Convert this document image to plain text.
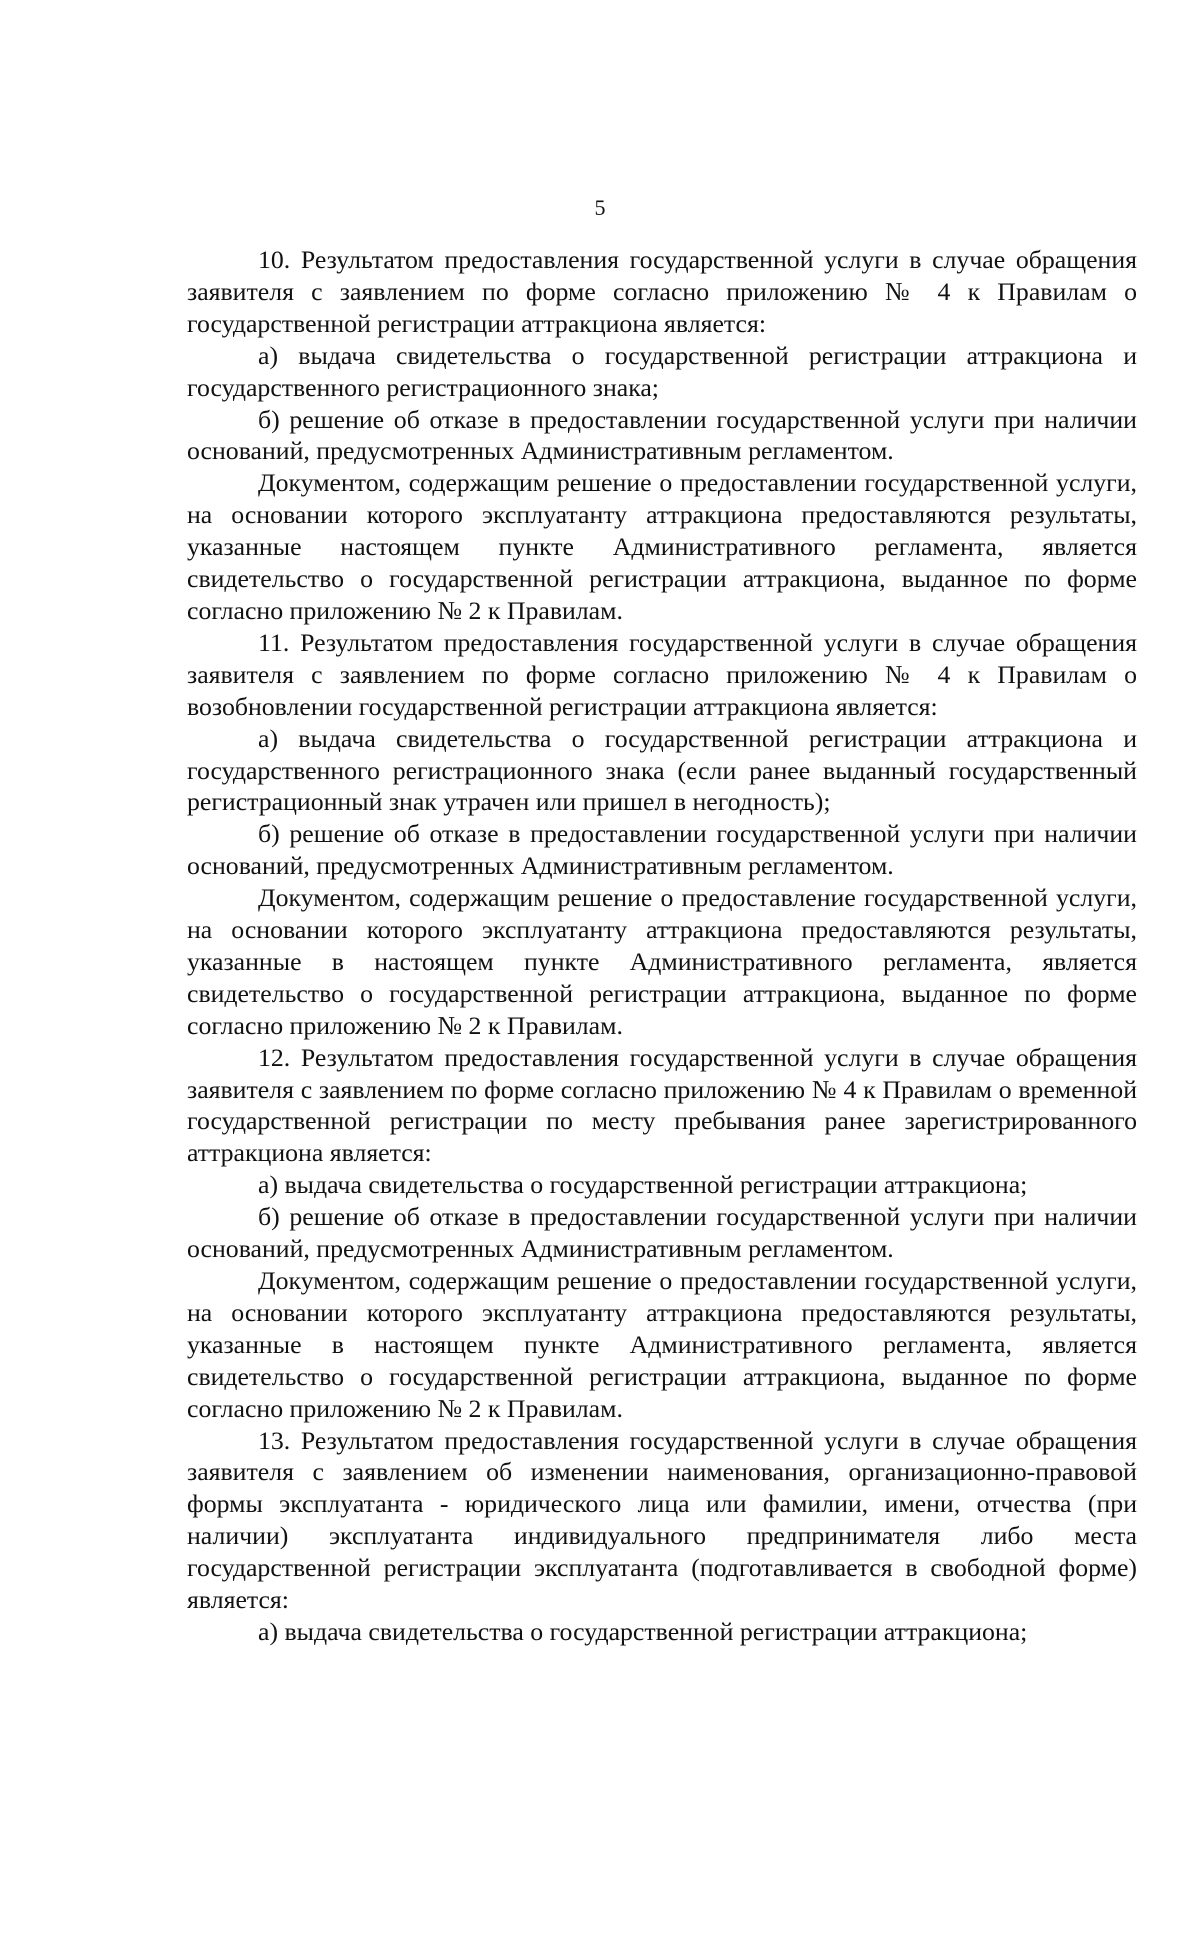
5

10. Результатом предоставления государственной услуги в случае обращения заявителя с заявлением по форме согласно приложению № 4 к Правилам о государственной регистрации аттракциона является:

а) выдача свидетельства о государственной регистрации аттракциона и государственного регистрационного знака;

б) решение об отказе в предоставлении государственной услуги при наличии оснований, предусмотренных Административным регламентом.

Документом, содержащим решение о предоставлении государственной услуги, на основании которого эксплуатанту аттракциона предоставляются результаты, указанные настоящем пункте Административного регламента, является свидетельство о государственной регистрации аттракциона, выданное по форме согласно приложению № 2 к Правилам.

11. Результатом предоставления государственной услуги в случае обращения заявителя с заявлением по форме согласно приложению № 4 к Правилам о возобновлении государственной регистрации аттракциона является:

а) выдача свидетельства о государственной регистрации аттракциона и государственного регистрационного знака (если ранее выданный государственный регистрационный знак утрачен или пришел в негодность);

б) решение об отказе в предоставлении государственной услуги при наличии оснований, предусмотренных Административным регламентом.

Документом, содержащим решение о предоставление государственной услуги, на основании которого эксплуатанту аттракциона предоставляются результаты, указанные в настоящем пункте Административного регламента, является свидетельство о государственной регистрации аттракциона, выданное по форме согласно приложению № 2 к Правилам.

12. Результатом предоставления государственной услуги в случае обращения заявителя с заявлением по форме согласно приложению № 4 к Правилам о временной государственной регистрации по месту пребывания ранее зарегистрированного аттракциона является:

а) выдача свидетельства о государственной регистрации аттракциона;

б) решение об отказе в предоставлении государственной услуги при наличии оснований, предусмотренных Административным регламентом.

Документом, содержащим решение о предоставлении государственной услуги, на основании которого эксплуатанту аттракциона предоставляются результаты, указанные в настоящем пункте Административного регламента, является свидетельство о государственной регистрации аттракциона, выданное по форме согласно приложению № 2 к Правилам.

13. Результатом предоставления государственной услуги в случае обращения заявителя с заявлением об изменении наименования, организационно-правовой формы эксплуатанта - юридического лица или фамилии, имени, отчества (при наличии) эксплуатанта индивидуального предпринимателя либо места государственной регистрации эксплуатанта (подготавливается в свободной форме) является:

а) выдача свидетельства о государственной регистрации аттракциона;
